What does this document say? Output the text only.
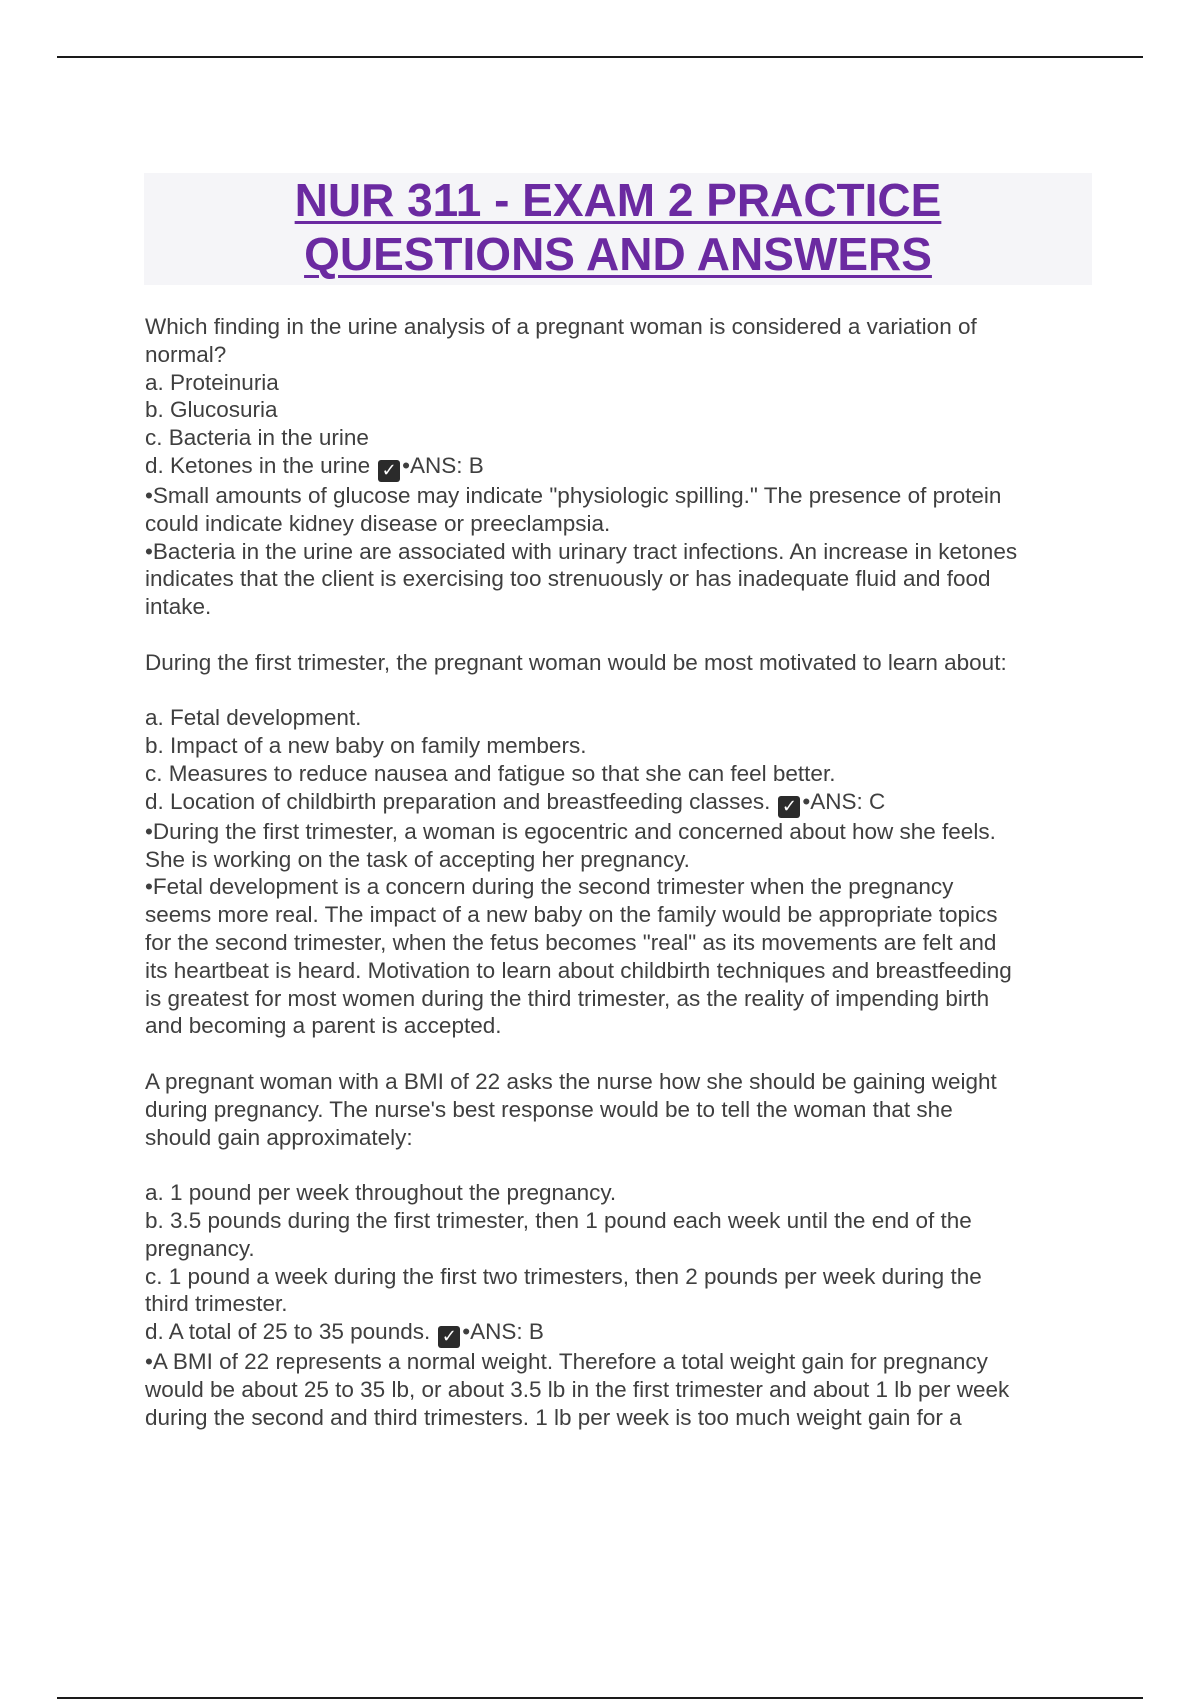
NUR 311 - EXAM 2 PRACTICE
QUESTIONS AND ANSWERS
Which finding in the urine analysis of a pregnant woman is considered a variation of
normal?
a. Proteinuria
b. Glucosuria
c. Bacteria in the urine
d. Ketones in the urine ✓ •ANS: B
•Small amounts of glucose may indicate "physiologic spilling." The presence of protein
could indicate kidney disease or preeclampsia.
•Bacteria in the urine are associated with urinary tract infections. An increase in ketones
indicates that the client is exercising too strenuously or has inadequate fluid and food
intake.
During the first trimester, the pregnant woman would be most motivated to learn about:
a. Fetal development.
b. Impact of a new baby on family members.
c. Measures to reduce nausea and fatigue so that she can feel better.
d. Location of childbirth preparation and breastfeeding classes. ✓ •ANS: C
•During the first trimester, a woman is egocentric and concerned about how she feels.
She is working on the task of accepting her pregnancy.
•Fetal development is a concern during the second trimester when the pregnancy
seems more real. The impact of a new baby on the family would be appropriate topics
for the second trimester, when the fetus becomes "real" as its movements are felt and
its heartbeat is heard. Motivation to learn about childbirth techniques and breastfeeding
is greatest for most women during the third trimester, as the reality of impending birth
and becoming a parent is accepted.
A pregnant woman with a BMI of 22 asks the nurse how she should be gaining weight
during pregnancy. The nurse's best response would be to tell the woman that she
should gain approximately:
a. 1 pound per week throughout the pregnancy.
b. 3.5 pounds during the first trimester, then 1 pound each week until the end of the
pregnancy.
c. 1 pound a week during the first two trimesters, then 2 pounds per week during the
third trimester.
d. A total of 25 to 35 pounds. ✓ •ANS: B
•A BMI of 22 represents a normal weight. Therefore a total weight gain for pregnancy
would be about 25 to 35 lb, or about 3.5 lb in the first trimester and about 1 lb per week
during the second and third trimesters. 1 lb per week is too much weight gain for a
